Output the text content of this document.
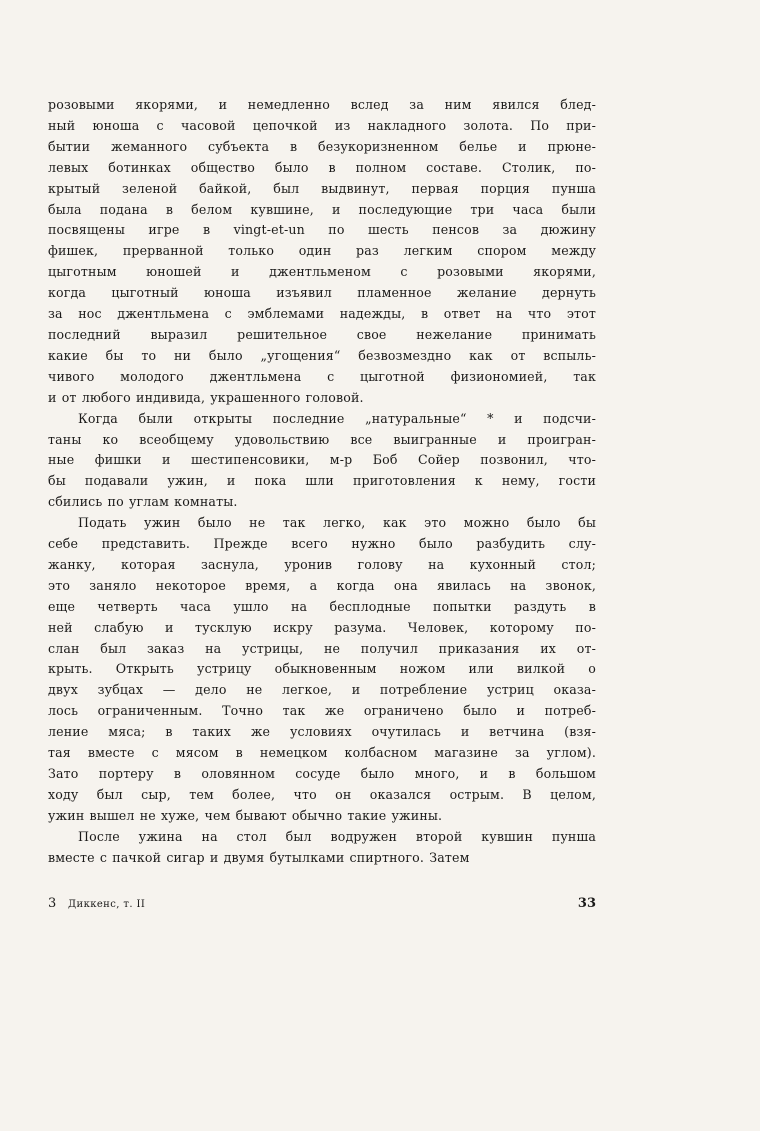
розовыми якорями, и немедленно вслед за ним явился блед-
ный юноша с часовой цепочкой из накладного золота. По при-
бытии жеманного субъекта в безукоризненном белье и прюне-
левых ботинках общество было в полном составе. Столик, по-
крытый зеленой байкой, был выдвинут, первая порция пунша
была подана в белом кувшине, и последующие три часа были
посвящены игре в vingt-et-un по шесть пенсов за дюжину
фишек, прерванной только один раз легким спором между
цыготным юношей и джентльменом с розовыми якорями,
когда цыготный юноша изъявил пламенное желание дернуть
за нос джентльмена с эмблемами надежды, в ответ на что этот
последний выразил решительное свое нежелание принимать
какие бы то ни было „угощения“ безвозмездно как от вспыль-
чивого молодого джентльмена с цыготной физиономией, так
и от любого индивида, украшенного головой.

Когда были открыты последние „натуральные“ * и подсчи-
таны ко всеобщему удовольствию все выигранные и проигран-
ные фишки и шестипенсовики, м-р Боб Сойер позвонил, что-
бы подавали ужин, и пока шли приготовления к нему, гости
сбились по углам комнаты.

Подать ужин было не так легко, как это можно было бы
себе представить. Прежде всего нужно было разбудить слу-
жанку, которая заснула, уронив голову на кухонный стол;
это заняло некоторое время, а когда она явилась на звонок,
еще четверть часа ушло на бесплодные попытки раздуть в
ней слабую и тусклую искру разума. Человек, которому по-
слан был заказ на устрицы, не получил приказания их от-
крыть. Открыть устрицу обыкновенным ножом или вилкой о
двух зубцах — дело не легкое, и потребление устриц оказа-
лось ограниченным. Точно так же ограничено было и потреб-
ление мяса; в таких же условиях очутилась и ветчина (взя-
тая вместе с мясом в немецком колбасном магазине за углом).
Зато портеру в оловянном сосуде было много, и в большом
ходу был сыр, тем более, что он оказался острым. В целом,
ужин вышел не хуже, чем бывают обычно такие ужины.

После ужина на стол был водружен второй кувшин пунша
вместе с пачкой сигар и двумя бутылками спиртного. Затем

3 Диккенс, т. II	33
